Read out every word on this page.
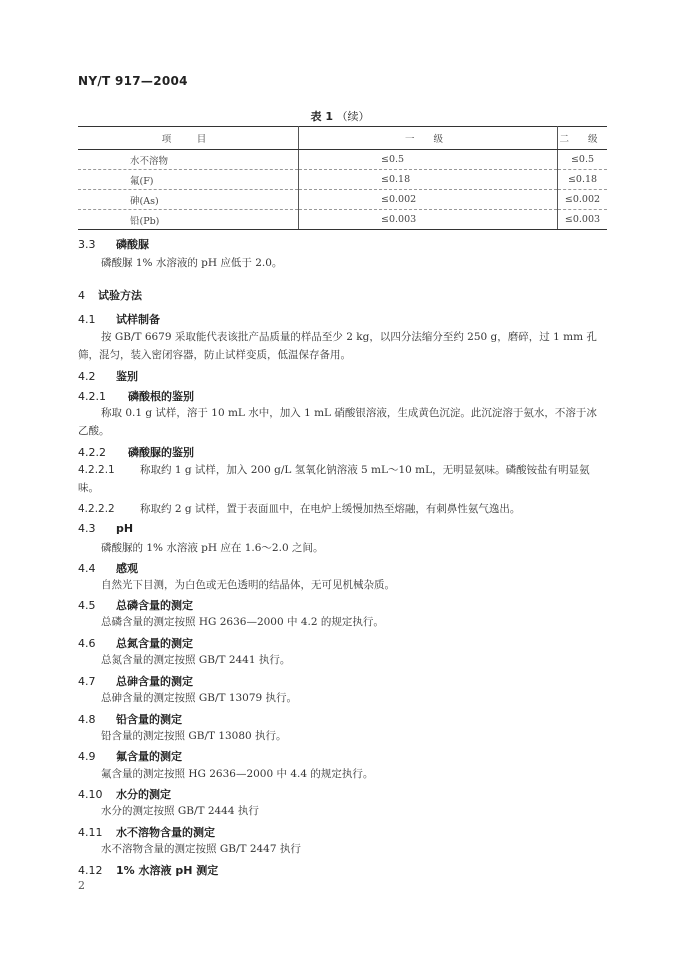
NY/T 917—2004
表 1 （续）
项　目	一 级	二 级
水不溶物	≤0.5	≤0.5
氟(F)	≤0.18	≤0.18
砷(As)	≤0.002	≤0.002
铅(Pb)	≤0.003	≤0.003
3.3 磷酸脲
磷酸脲 1% 水溶液的 pH 应低于 2.0。
4 试验方法
4.1 试样制备
按 GB/T 6679 采取能代表该批产品质量的样品至少 2 kg，以四分法缩分至约 250 g，磨碎，过 1 mm 孔筛，混匀，装入密闭容器，防止试样变质，低温保存备用。
4.2 鉴别
4.2.1 磷酸根的鉴别
称取 0.1 g 试样，溶于 10 mL 水中，加入 1 mL 硝酸银溶液，生成黄色沉淀。此沉淀溶于氨水，不溶于冰乙酸。
4.2.2 磷酸脲的鉴别
4.2.2.1 称取约 1 g 试样，加入 200 g/L 氢氧化钠溶液 5 mL～10 mL，无明显氨味。磷酸铵盐有明显氨味。
4.2.2.2 称取约 2 g 试样，置于表面皿中，在电炉上缓慢加热至熔融，有刺鼻性氨气逸出。
4.3 pH
磷酸脲的 1% 水溶液 pH 应在 1.6～2.0 之间。
4.4 感观
自然光下目测，为白色或无色透明的结晶体，无可见机械杂质。
4.5 总磷含量的测定
总磷含量的测定按照 HG 2636—2000 中 4.2 的规定执行。
4.6 总氮含量的测定
总氮含量的测定按照 GB/T 2441 执行。
4.7 总砷含量的测定
总砷含量的测定按照 GB/T 13079 执行。
4.8 铅含量的测定
铅含量的测定按照 GB/T 13080 执行。
4.9 氟含量的测定
氟含量的测定按照 HG 2636—2000 中 4.4 的规定执行。
4.10 水分的测定
水分的测定按照 GB/T 2444 执行
4.11 水不溶物含量的测定
水不溶物含量的测定按照 GB/T 2447 执行
4.12 1% 水溶液 pH 测定
2
